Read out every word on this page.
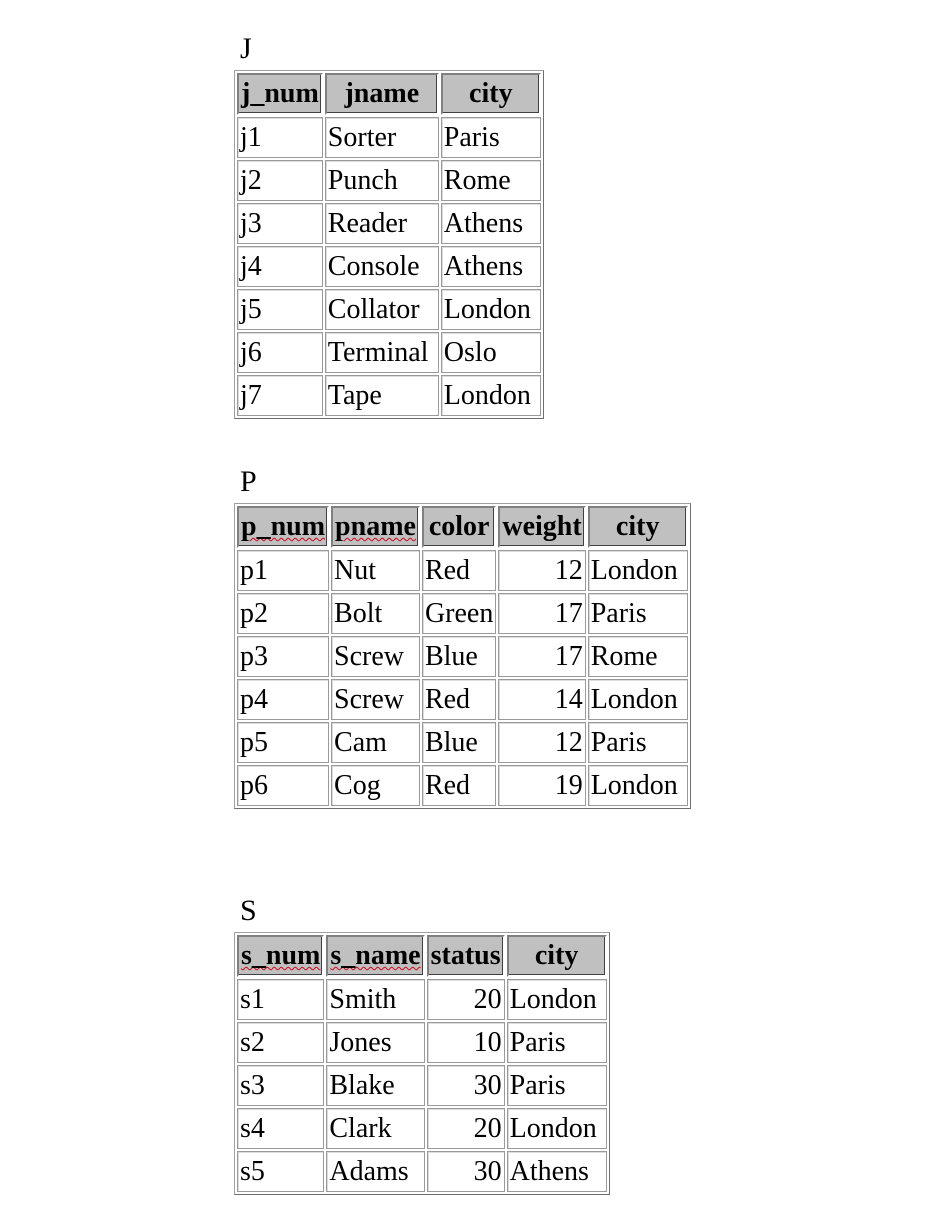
J
j_num	jname	city
j1	Sorter	Paris
j2	Punch	Rome
j3	Reader	Athens
j4	Console	Athens
j5	Collator	London
j6	Terminal	Oslo
j7	Tape	London
P
p_num	pname	color	weight	city
p1	Nut	Red	12	London
p2	Bolt	Green	17	Paris
p3	Screw	Blue	17	Rome
p4	Screw	Red	14	London
p5	Cam	Blue	12	Paris
p6	Cog	Red	19	London
S
s_num	s_name	status	city
s1	Smith	20	London
s2	Jones	10	Paris
s3	Blake	30	Paris
s4	Clark	20	London
s5	Adams	30	Athens
